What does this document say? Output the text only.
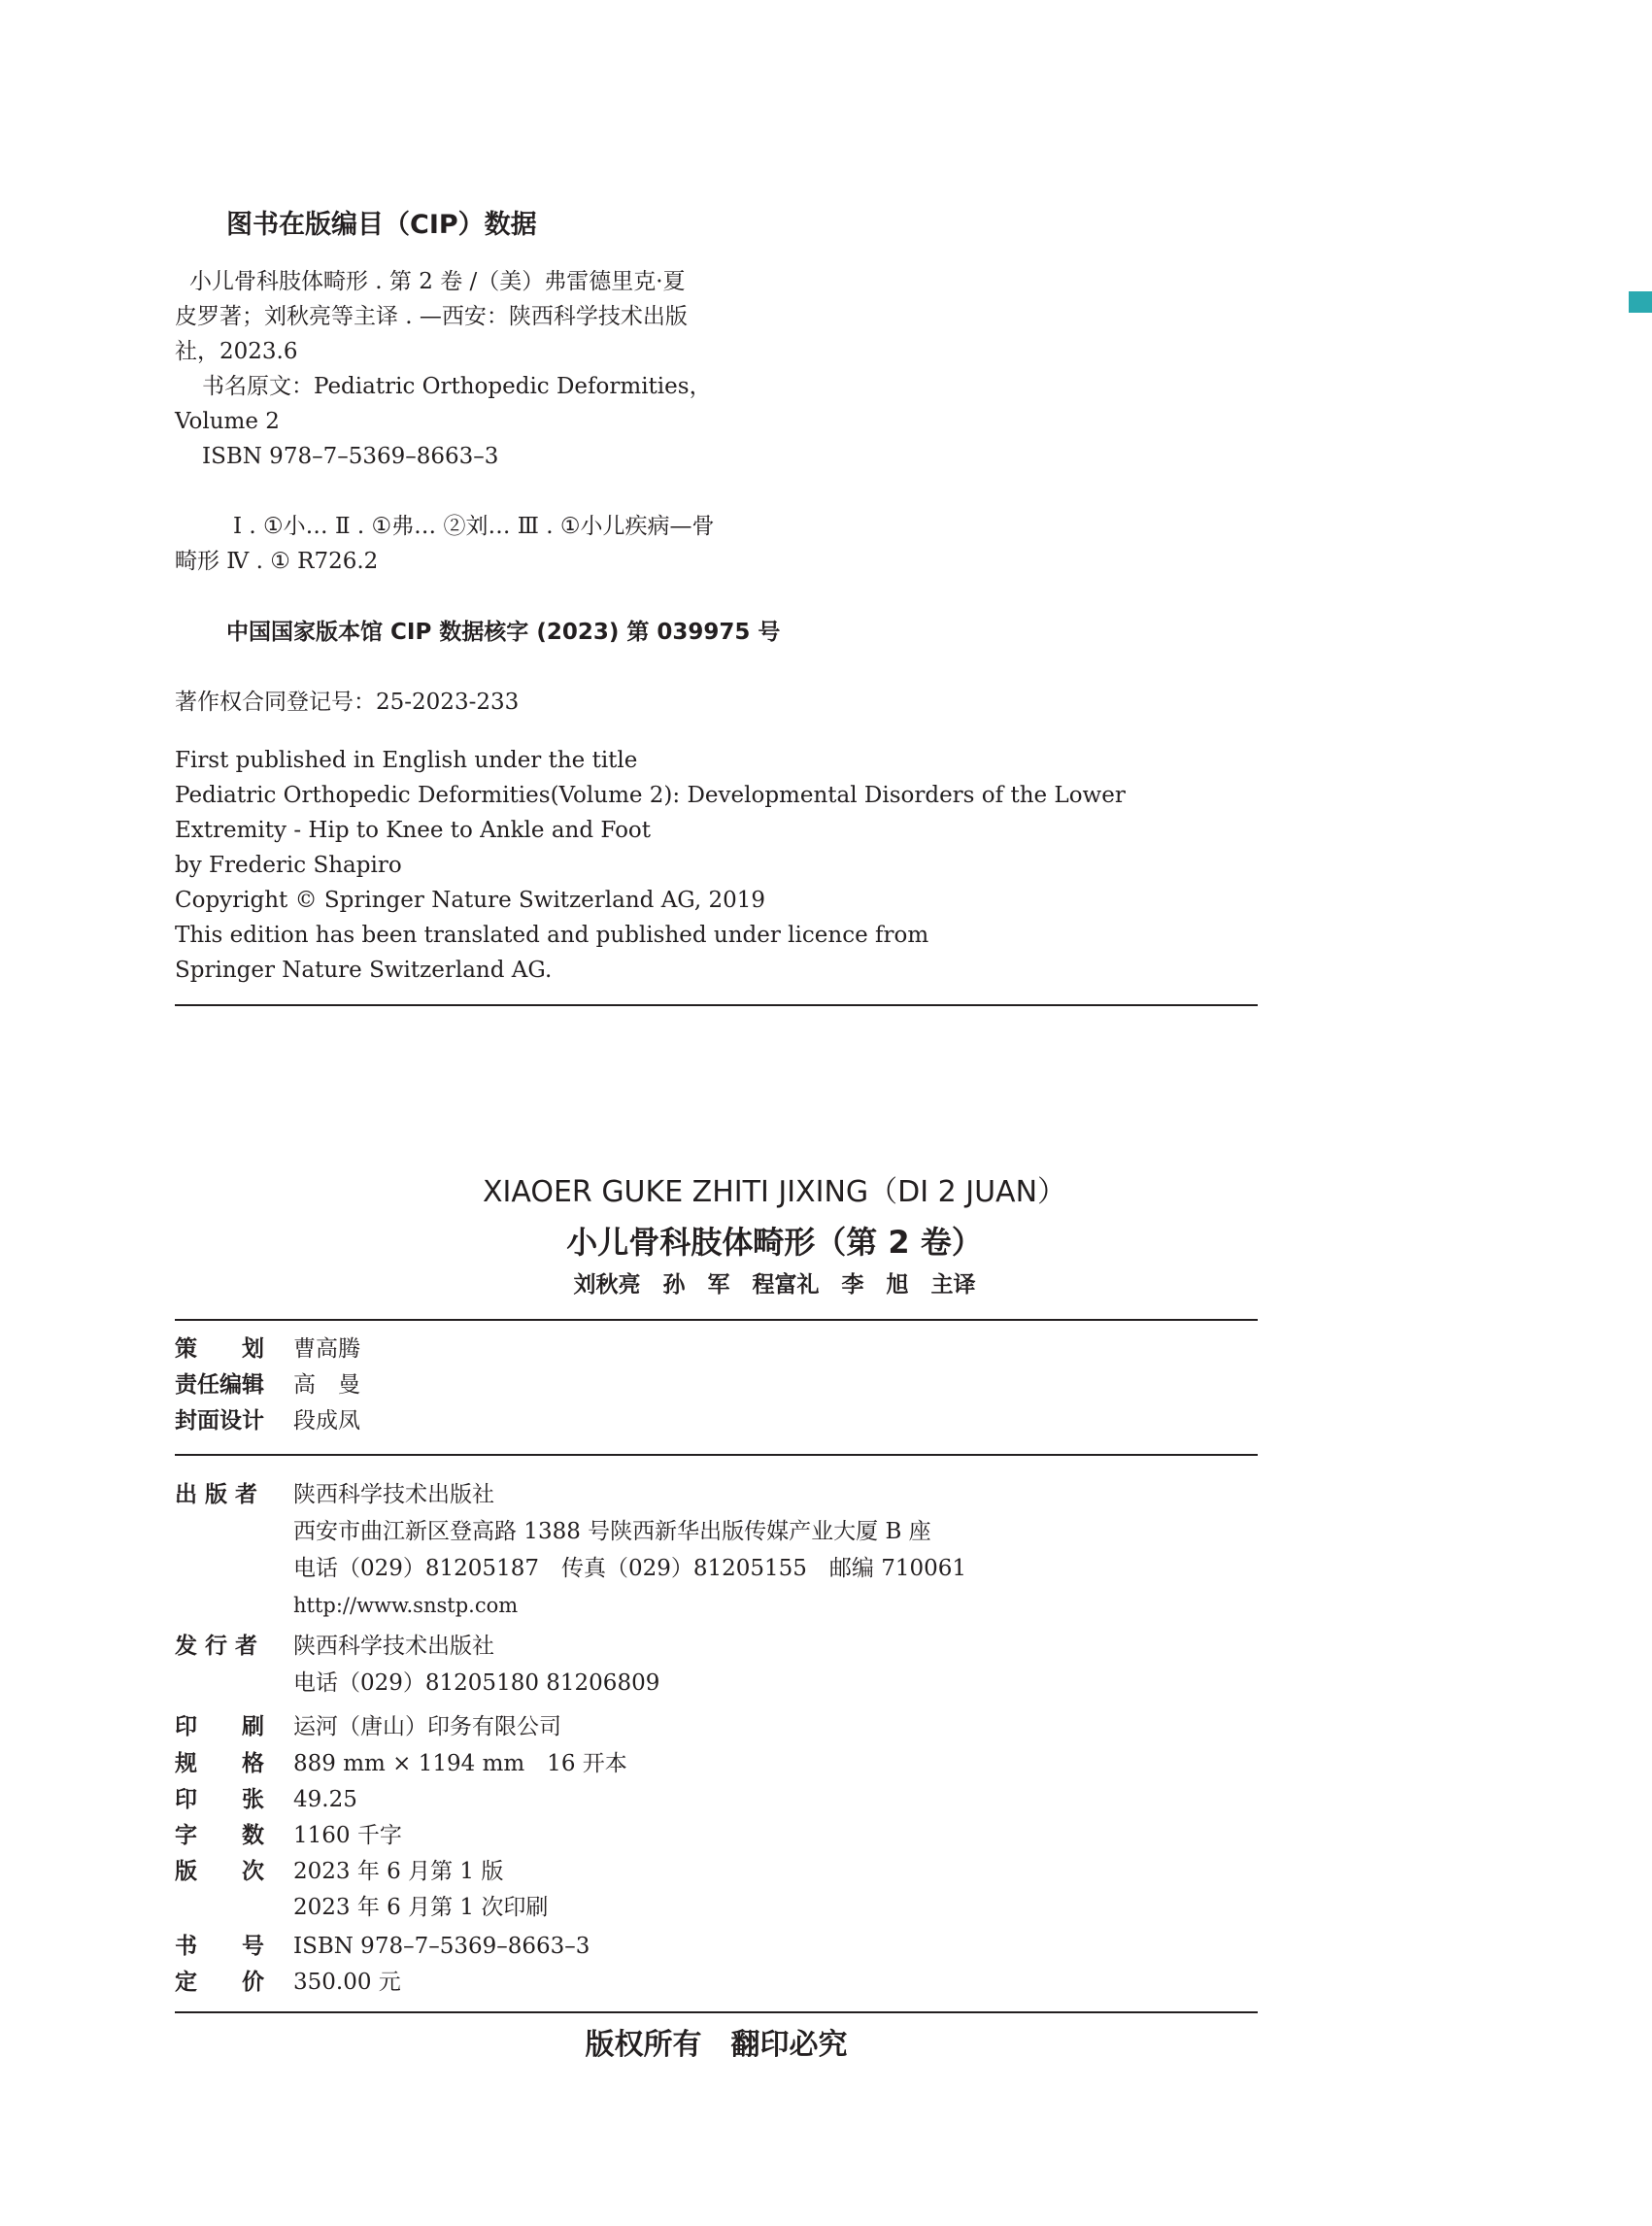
图书在版编目（CIP）数据
小儿骨科肢体畸形 . 第 2 卷 /（美）弗雷德里克·夏
皮罗著；刘秋亮等主译 . —西安：陕西科学技术出版
社，2023.6
书名原文：Pediatric Orthopedic Deformities，
Volume 2
ISBN 978–7–5369–8663–3
Ⅰ . ①小… Ⅱ . ①弗… ②刘… Ⅲ . ①小儿疾病—骨
畸形 Ⅳ . ① R726.2
中国国家版本馆 CIP 数据核字 (2023) 第 039975 号
著作权合同登记号：25-2023-233
First published in English under the title
Pediatric Orthopedic Deformities(Volume 2): Developmental Disorders of the Lower
Extremity - Hip to Knee to Ankle and Foot
by Frederic Shapiro
Copyright © Springer Nature Switzerland AG, 2019
This edition has been translated and published under licence from
Springer Nature Switzerland AG.
XIAOER GUKE ZHITI JIXING（DI 2 JUAN）
小儿骨科肢体畸形（第 2 卷）
刘秋亮　孙　军　程富礼　李　旭　主译
策　　划 曹高腾
责任编辑 高　曼
封面设计 段成凤
出 版 者 陕西科学技术出版社
西安市曲江新区登高路 1388 号陕西新华出版传媒产业大厦 B 座
电话（029）81205187　传真（029）81205155　邮编 710061
http://www.snstp.com
发 行 者 陕西科学技术出版社
电话（029）81205180 81206809
印　　刷 运河（唐山）印务有限公司
规　　格 889 mm × 1194 mm　16 开本
印　　张 49.25
字　　数 1160 千字
版　　次 2023 年 6 月第 1 版
2023 年 6 月第 1 次印刷
书　　号 ISBN 978–7–5369–8663–3
定　　价 350.00 元
版权所有　翻印必究
